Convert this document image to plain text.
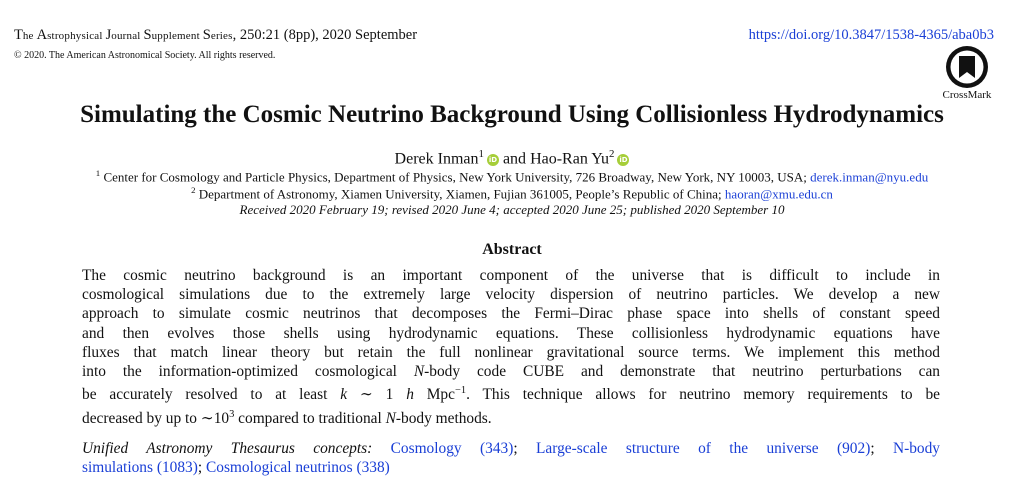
The Astrophysical Journal Supplement Series, 250:21 (8pp), 2020 September
© 2020. The American Astronomical Society. All rights reserved.
https://doi.org/10.3847/1538-4365/aba0b3
CrossMark
Simulating the Cosmic Neutrino Background Using Collisionless Hydrodynamics
Derek Inman$^1$iD and Hao-Ran Yu$^2$iD
$^1$ Center for Cosmology and Particle Physics, Department of Physics, New York University, 726 Broadway, New York, NY 10003, USA; derek.inman@nyu.edu
$^2$ Department of Astronomy, Xiamen University, Xiamen, Fujian 361005, People’s Republic of China; haoran@xmu.edu.cn
Received 2020 February 19; revised 2020 June 4; accepted 2020 June 25; published 2020 September 10
Abstract
The cosmic neutrino background is an important component of the universe that is difficult to include in
cosmological simulations due to the extremely large velocity dispersion of neutrino particles. We develop a new
approach to simulate cosmic neutrinos that decomposes the Fermi–Dirac phase space into shells of constant speed
and then evolves those shells using hydrodynamic equations. These collisionless hydrodynamic equations have
fluxes that match linear theory but retain the full nonlinear gravitational source terms. We implement this method
into the information-optimized cosmological N-body code CUBE and demonstrate that neutrino perturbations can
be accurately resolved to at least k ∼ 1 h Mpc$^{-1}$. This technique allows for neutrino memory requirements to be
decreased by up to $\sim 10^3$ compared to traditional N-body methods.
Unified Astronomy Thesaurus concepts: Cosmology (343); Large-scale structure of the universe (902); N-body
simulations (1083); Cosmological neutrinos (338)
